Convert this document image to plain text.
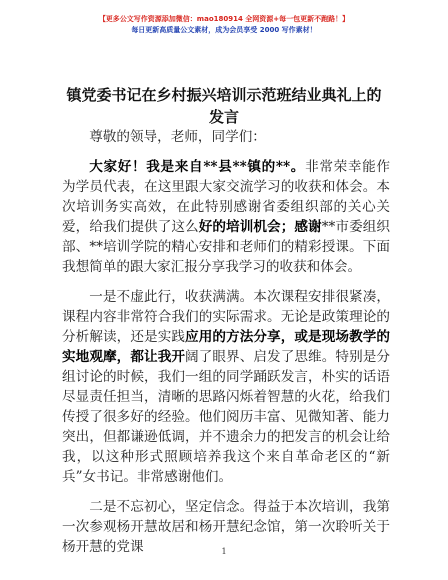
【更多公文写作资源添加微信：mao180914 全网资源+每一包更新不跑路！】
每日更新高质量公文素材，成为会员享受 2000 写作素材！
镇党委书记在乡村振兴培训示范班结业典礼上的发言

尊敬的领导，老师，同学们：

大家好！我是来自**县**镇的**。非常荣幸能作为学员代表，在这里跟大家交流学习的收获和体会。本次培训务实高效，在此特别感谢省委组织部的关心关爱，给我们提供了这么好的培训机会；感谢**市委组织部、**培训学院的精心安排和老师们的精彩授课。下面我想简单的跟大家汇报分享我学习的收获和体会。

一是不虚此行，收获满满。本次课程安排很紧凑，课程内容非常符合我们的实际需求。无论是政策理论的分析解读，还是实践应用的方法分享，或是现场教学的实地观摩，都让我开阔了眼界、启发了思维。特别是分组讨论的时候，我们一组的同学踊跃发言，朴实的话语尽显责任担当，清晰的思路闪烁着智慧的火花，给我们传授了很多好的经验。他们阅历丰富、见微知著、能力突出，但都谦逊低调，并不遗余力的把发言的机会让给我，以这种形式照顾培养我这个来自革命老区的“新兵”女书记。非常感谢他们。

二是不忘初心，坚定信念。得益于本次培训，我第一次参观杨开慧故居和杨开慧纪念馆，第一次聆听关于杨开慧的党课	1
